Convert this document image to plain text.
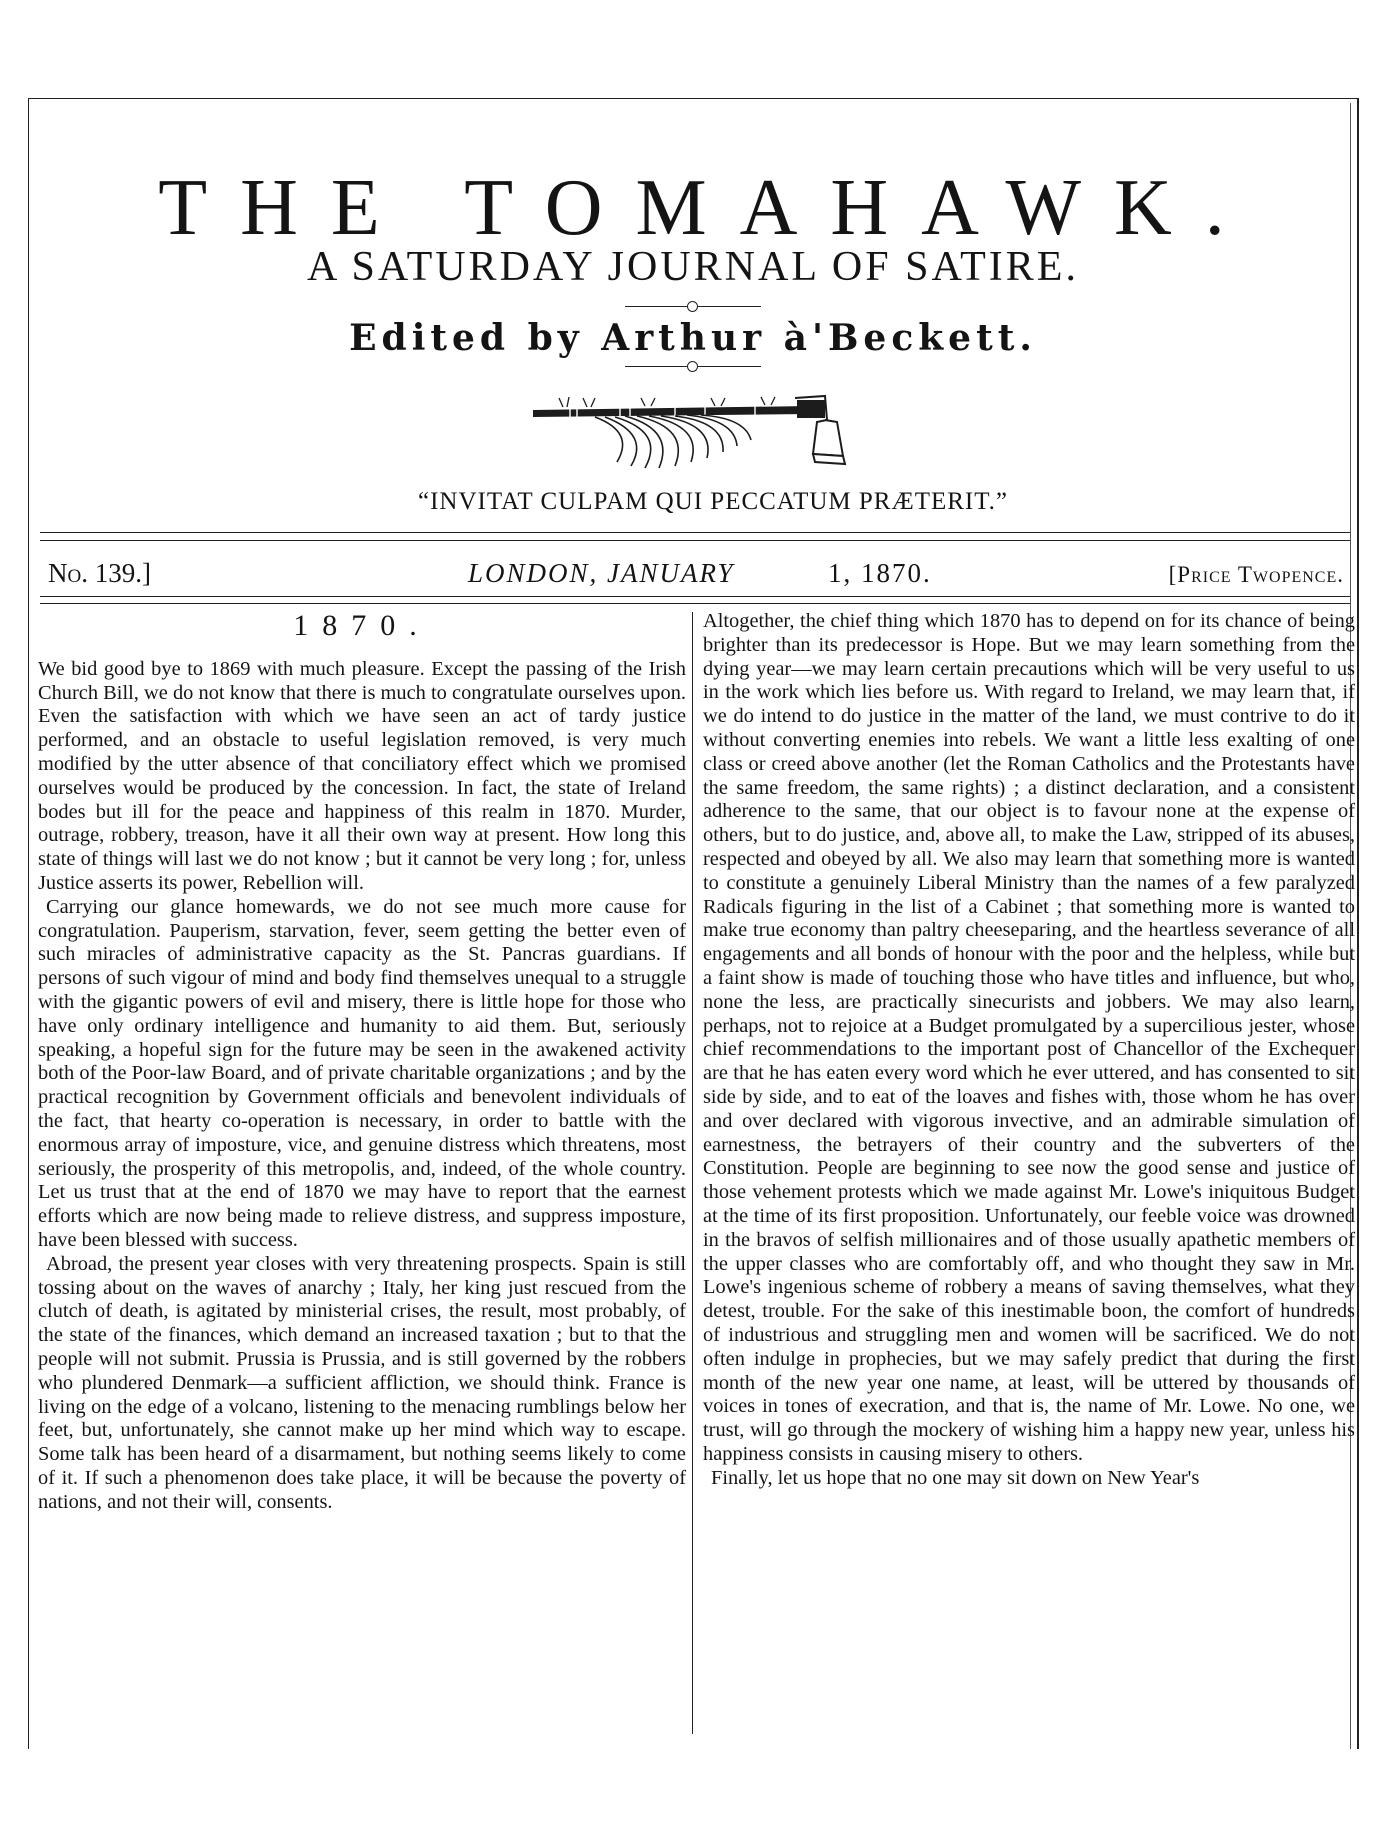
THE TOMAHAWK.
A SATURDAY JOURNAL OF SATIRE.
Edited by Arthur à'Beckett.
“INVITAT CULPAM QUI PECCATUM PRÆTERIT.”
No. 139.]	LONDON, JANUARY	1, 1870.	[Price Twopence.
1870.

We bid good bye to 1869 with much pleasure. Except the passing of the Irish Church Bill, we do not know that there is much to congratulate ourselves upon. Even the satisfaction with which we have seen an act of tardy justice performed, and an obstacle to useful legislation removed, is very much modified by the utter absence of that conciliatory effect which we promised ourselves would be produced by the concession. In fact, the state of Ireland bodes but ill for the peace and happiness of this realm in 1870. Murder, outrage, robbery, treason, have it all their own way at present. How long this state of things will last we do not know ; but it cannot be very long ; for, unless Justice asserts its power, Rebellion will.

Carrying our glance homewards, we do not see much more cause for congratulation. Pauperism, starvation, fever, seem getting the better even of such miracles of administrative capacity as the St. Pancras guardians. If persons of such vigour of mind and body find themselves unequal to a struggle with the gigantic powers of evil and misery, there is little hope for those who have only ordinary intelligence and humanity to aid them. But, seriously speaking, a hopeful sign for the future may be seen in the awakened activity both of the Poor-law Board, and of private charitable organizations ; and by the practical recognition by Government officials and benevolent individuals of the fact, that hearty co-operation is necessary, in order to battle with the enormous array of imposture, vice, and genuine distress which threatens, most seriously, the prosperity of this metropolis, and, indeed, of the whole country. Let us trust that at the end of 1870 we may have to report that the earnest efforts which are now being made to relieve distress, and suppress imposture, have been blessed with success.

Abroad, the present year closes with very threatening prospects. Spain is still tossing about on the waves of anarchy ; Italy, her king just rescued from the clutch of death, is agitated by ministerial crises, the result, most probably, of the state of the finances, which demand an increased taxation ; but to that the people will not submit. Prussia is Prussia, and is still governed by the robbers who plundered Denmark—a sufficient affliction, we should think. France is living on the edge of a volcano, listening to the menacing rumblings below her feet, but, unfortunately, she cannot make up her mind which way to escape. Some talk has been heard of a disarmament, but nothing seems likely to come of it. If such a phenomenon does take place, it will be because the poverty of nations, and not their will, consents.

Altogether, the chief thing which 1870 has to depend on for its chance of being brighter than its predecessor is Hope. But we may learn something from the dying year—we may learn certain precautions which will be very useful to us in the work which lies before us. With regard to Ireland, we may learn that, if we do intend to do justice in the matter of the land, we must contrive to do it without converting enemies into rebels. We want a little less exalting of one class or creed above another (let the Roman Catholics and the Protestants have the same freedom, the same rights) ; a distinct declaration, and a consistent adherence to the same, that our object is to favour none at the expense of others, but to do justice, and, above all, to make the Law, stripped of its abuses, respected and obeyed by all. We also may learn that something more is wanted to constitute a genuinely Liberal Ministry than the names of a few paralyzed Radicals figuring in the list of a Cabinet ; that something more is wanted to make true economy than paltry cheeseparing, and the heartless severance of all engagements and all bonds of honour with the poor and the helpless, while but a faint show is made of touching those who have titles and influence, but who, none the less, are practically sinecurists and jobbers. We may also learn, perhaps, not to rejoice at a Budget promulgated by a supercilious jester, whose chief recommendations to the important post of Chancellor of the Exchequer are that he has eaten every word which he ever uttered, and has consented to sit side by side, and to eat of the loaves and fishes with, those whom he has over and over declared with vigorous invective, and an admirable simulation of earnestness, the betrayers of their country and the subverters of the Constitution. People are beginning to see now the good sense and justice of those vehement protests which we made against Mr. Lowe's iniquitous Budget at the time of its first proposition. Unfortunately, our feeble voice was drowned in the bravos of selfish millionaires and of those usually apathetic members of the upper classes who are comfortably off, and who thought they saw in Mr. Lowe's ingenious scheme of robbery a means of saving themselves, what they detest, trouble. For the sake of this inestimable boon, the comfort of hundreds of industrious and struggling men and women will be sacrificed. We do not often indulge in prophecies, but we may safely predict that during the first month of the new year one name, at least, will be uttered by thousands of voices in tones of execration, and that is, the name of Mr. Lowe. No one, we trust, will go through the mockery of wishing him a happy new year, unless his happiness consists in causing misery to others.

Finally, let us hope that no one may sit down on New Year's
